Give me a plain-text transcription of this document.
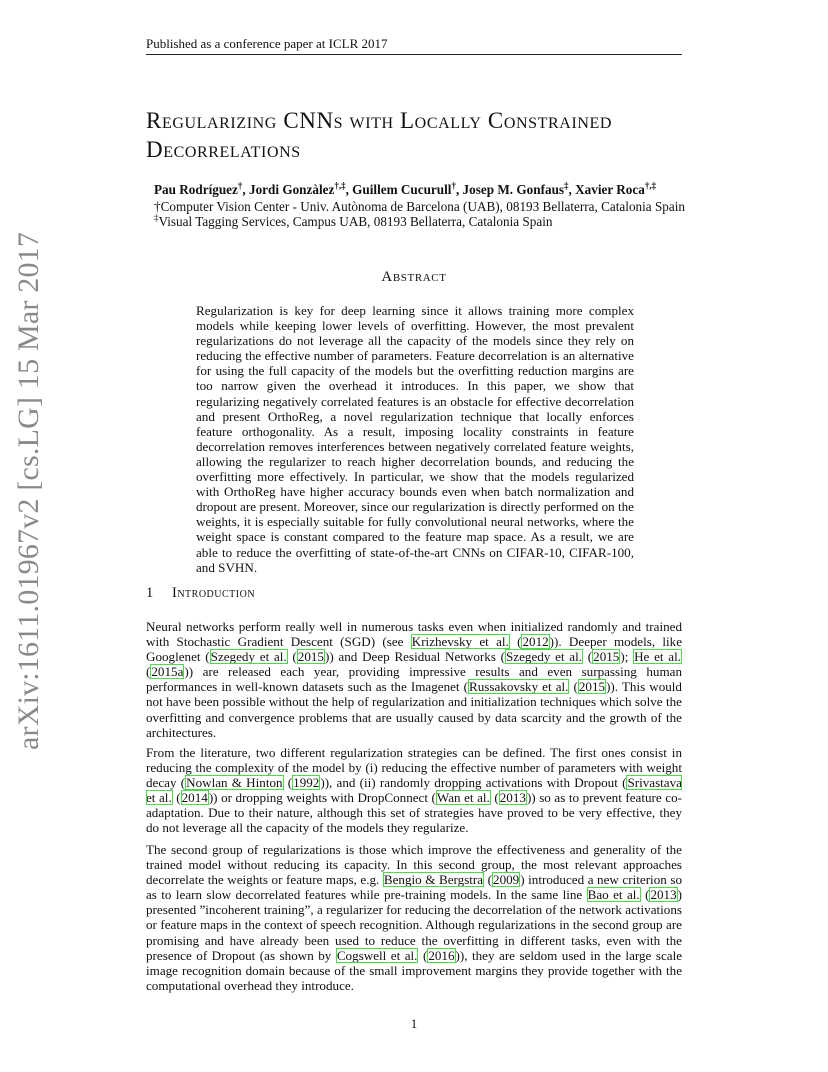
Published as a conference paper at ICLR 2017
arXiv:1611.01967v2 [cs.LG] 15 Mar 2017
Regularizing CNNs with Locally Constrained Decorrelations
Pau Rodríguez†, Jordi Gonzàlez†,‡, Guillem Cucurull†, Josep M. Gonfaus‡, Xavier Roca†,‡
†Computer Vision Center - Univ. Autònoma de Barcelona (UAB), 08193 Bellaterra, Catalonia Spain
‡Visual Tagging Services, Campus UAB, 08193 Bellaterra, Catalonia Spain
Abstract

Regularization is key for deep learning since it allows training more complex models while keeping lower levels of overfitting. However, the most prevalent regularizations do not leverage all the capacity of the models since they rely on reducing the effective number of parameters. Feature decorrelation is an alternative for using the full capacity of the models but the overfitting reduction margins are too narrow given the overhead it introduces. In this paper, we show that regularizing negatively correlated features is an obstacle for effective decorrelation and present OrthoReg, a novel regularization technique that locally enforces feature orthogonality. As a result, imposing locality constraints in feature decorrelation removes interferences between negatively correlated feature weights, allowing the regularizer to reach higher decorrelation bounds, and reducing the overfitting more effectively. In particular, we show that the models regularized with OrthoReg have higher accuracy bounds even when batch normalization and dropout are present. Moreover, since our regularization is directly performed on the weights, it is especially suitable for fully convolutional neural networks, where the weight space is constant compared to the feature map space. As a result, we are able to reduce the overfitting of state-of-the-art CNNs on CIFAR-10, CIFAR-100, and SVHN.

1 Introduction

Neural networks perform really well in numerous tasks even when initialized randomly and trained with Stochastic Gradient Descent (SGD) (see Krizhevsky et al. (2012)). Deeper models, like Googlenet (Szegedy et al. (2015)) and Deep Residual Networks (Szegedy et al. (2015); He et al. (2015a)) are released each year, providing impressive results and even surpassing human performances in well-known datasets such as the Imagenet (Russakovsky et al. (2015)). This would not have been possible without the help of regularization and initialization techniques which solve the overfitting and convergence problems that are usually caused by data scarcity and the growth of the architectures.

From the literature, two different regularization strategies can be defined. The first ones consist in reducing the complexity of the model by (i) reducing the effective number of parameters with weight decay (Nowlan & Hinton (1992)), and (ii) randomly dropping activations with Dropout (Srivastava et al. (2014)) or dropping weights with DropConnect (Wan et al. (2013)) so as to prevent feature co-adaptation. Due to their nature, although this set of strategies have proved to be very effective, they do not leverage all the capacity of the models they regularize.

The second group of regularizations is those which improve the effectiveness and generality of the trained model without reducing its capacity. In this second group, the most relevant approaches decorrelate the weights or feature maps, e.g. Bengio & Bergstra (2009) introduced a new criterion so as to learn slow decorrelated features while pre-training models. In the same line Bao et al. (2013) presented ”incoherent training”, a regularizer for reducing the decorrelation of the network activations or feature maps in the context of speech recognition. Although regularizations in the second group are promising and have already been used to reduce the overfitting in different tasks, even with the presence of Dropout (as shown by Cogswell et al. (2016)), they are seldom used in the large scale image recognition domain because of the small improvement margins they provide together with the computational overhead they introduce.

1
